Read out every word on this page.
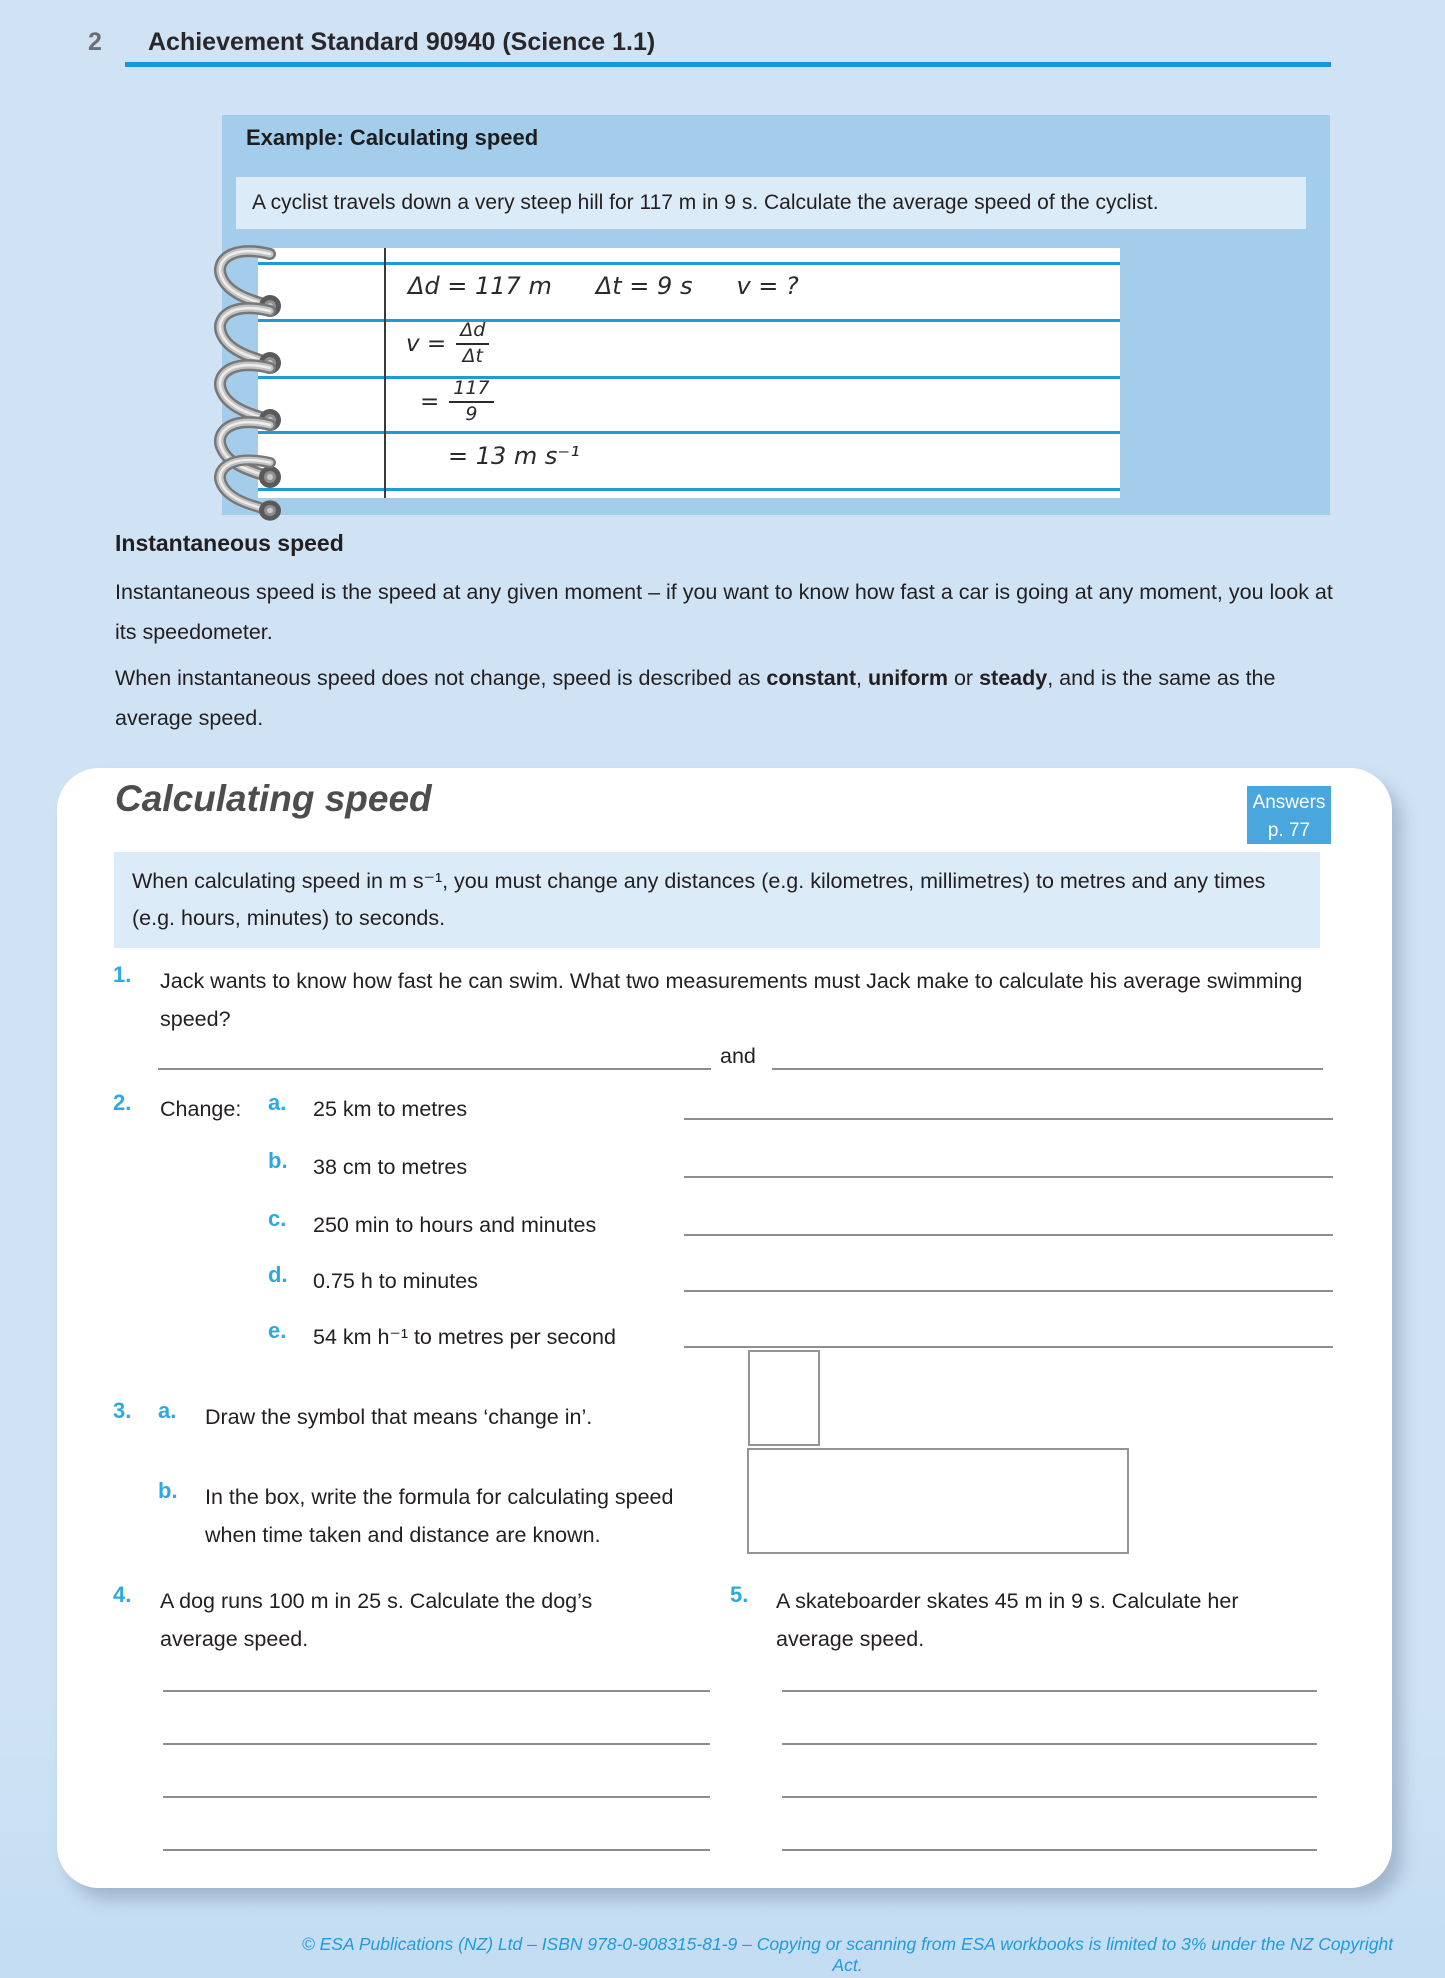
2 Achievement Standard 90940 (Science 1.1)
Example: Calculating speed
A cyclist travels down a very steep hill for 117 m in 9 s. Calculate the average speed of the cyclist.
Δd = 117 m Δt = 9 s v = ?
$v = \frac{\Delta d}{\Delta t}$
= $\frac{117}{9}$
= 13 m s⁻¹
Instantaneous speed
Instantaneous speed is the speed at any given moment – if you want to know how fast a car is going at any moment, you look at its speedometer.
When instantaneous speed does not change, speed is described as constant, uniform or steady, and is the same as the average speed.
Calculating speed	Answers
p. 77
When calculating speed in m s⁻¹, you must change any distances (e.g. kilometres, millimetres) to metres and any times (e.g. hours, minutes) to seconds.
1. Jack wants to know how fast he can swim. What two measurements must Jack make to calculate his average swimming speed?
and
2. Change: a. 25 km to metres
b. 38 cm to metres
c. 250 min to hours and minutes
d. 0.75 h to minutes
e. 54 km h⁻¹ to metres per second
3. a. Draw the symbol that means ‘change in’.
b. In the box, write the formula for calculating speed when time taken and distance are known.
4. A dog runs 100 m in 25 s. Calculate the dog’s average speed.
5. A skateboarder skates 45 m in 9 s. Calculate her average speed.
© ESA Publications (NZ) Ltd – ISBN 978-0-908315-81-9 – Copying or scanning from ESA workbooks is limited to 3% under the NZ Copyright Act.
